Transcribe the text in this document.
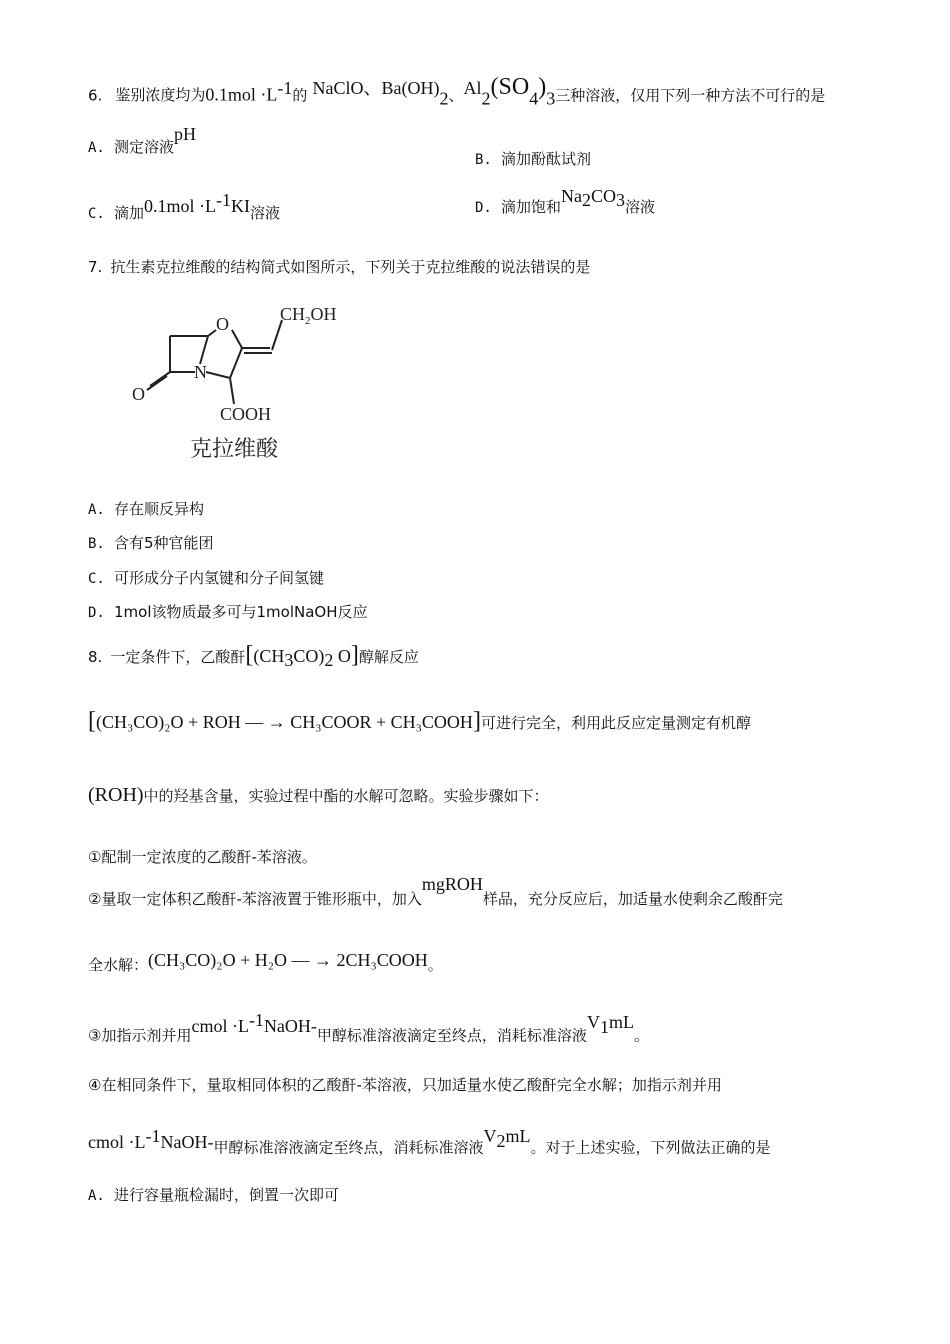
6. 鉴别浓度均为$0.1mol \cdot L^{-1}$的 NaClO、$Ba(OH)_2$、$Al_2(SO_4)_3$三种溶液，仅用下列一种方法不可行的是
A. 测定溶液pH
B. 滴加酚酞试剂
C. 滴加$0.1mol \cdot L^{-1}KI$溶液	D. 滴加饱和$Na_2CO_3$溶液
7. 抗生素克拉维酸的结构简式如图所示，下列关于克拉维酸的说法错误的是
O
N
O
$CH_2OH$
COOH
克拉维酸
A. 存在顺反异构
B. 含有5种官能团
C. 可形成分子内氢键和分子间氢键
D. 1mol该物质最多可与1molNaOH反应
8. 一定条件下，乙酸酐[$(CH_3CO)_2$ O]醇解反应
[(CH₃CO)₂O + ROH — → CH₃COOR + CH₃COOH]可进行完全，利用此反应定量测定有机醇
(ROH)中的羟基含量，实验过程中酯的水解可忽略。实验步骤如下：
①配制一定浓度的乙酸酐-苯溶液。
②量取一定体积乙酸酐-苯溶液置于锥形瓶中，加入mgROH样品，充分反应后，加适量水使剩余乙酸酐完
全水解：(CH₃CO)₂O + H₂O — → 2CH₃COOH。
③加指示剂并用cmol $\cdot L^{-1}NaOH-$甲醇标准溶液滴定至终点，消耗标准溶液$V_1mL$。
④在相同条件下，量取相同体积的乙酸酐-苯溶液，只加适量水使乙酸酐完全水解；加指示剂并用
cmol $\cdot L^{-1}NaOH-$甲醇标准溶液滴定至终点，消耗标准溶液$V_2mL$。对于上述实验，下列做法正确的是
A. 进行容量瓶检漏时，倒置一次即可
